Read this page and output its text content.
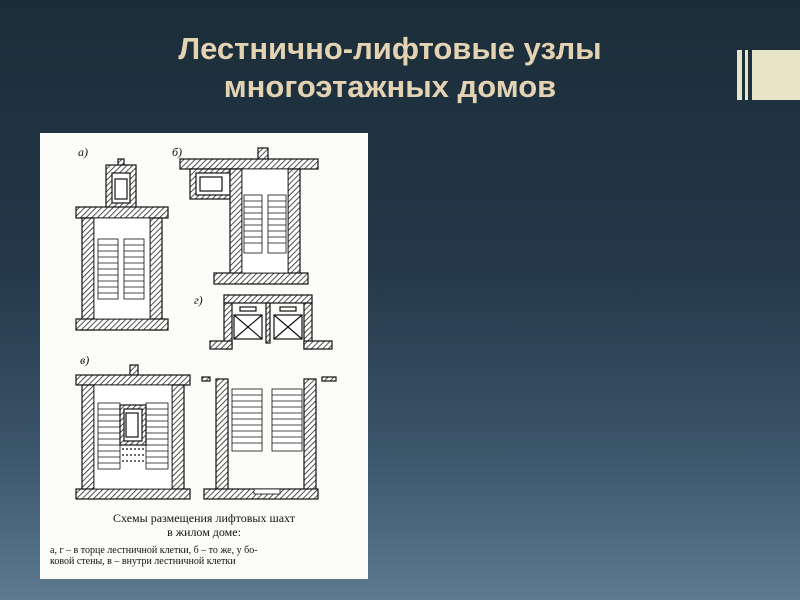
Лестнично-лифтовые узлы
многоэтажных домов
а)	б)
г)
в)
Схемы размещения лифтовых шахт
в жилом доме:
а, г – в торце лестничной клетки, б – то же, у бо-
ковой стены, в – внутри лестничной клетки
